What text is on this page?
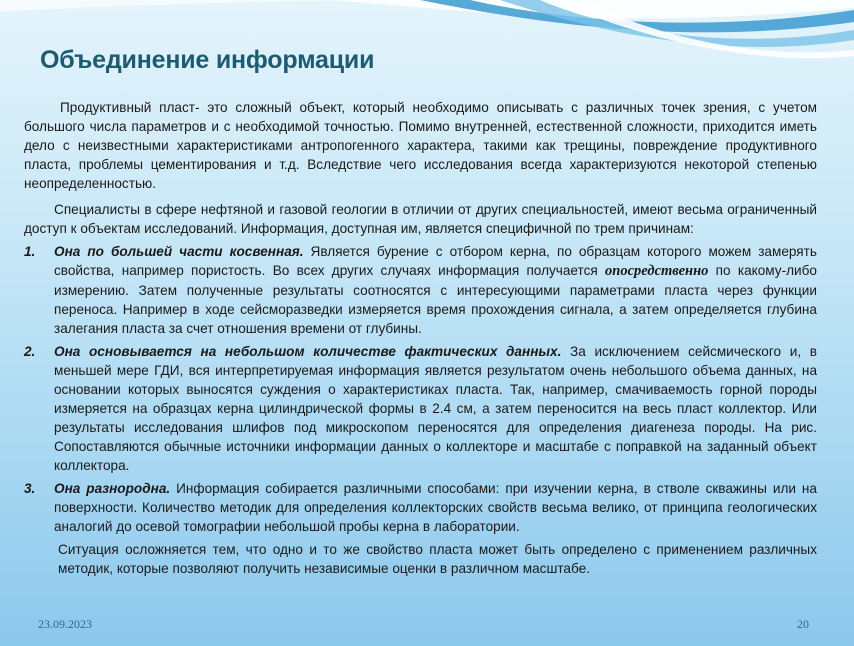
Объединение информации

Продуктивный пласт- это сложный объект, который необходимо описывать с различных точек зрения, с учетом большого числа параметров и с необходимой точностью. Помимо внутренней, естественной сложности, приходится иметь дело с неизвестными характеристиками антропогенного характера, такими как трещины, повреждение продуктивного пласта, проблемы цементирования и т.д. Вследствие чего исследования всегда характеризуются некоторой степенью неопределенностью.

Специалисты в сфере нефтяной и газовой геологии в отличии от других специальностей, имеют весьма ограниченный доступ к объектам исследований. Информация, доступная им, является специфичной по трем причинам:

1. Она по большей части косвенная. Является бурение с отбором керна, по образцам которого можем замерять свойства, например пористость. Во всех других случаях информация получается опосредственно по какому-либо измерению. Затем полученные результаты соотносятся с интересующими параметрами пласта через функции переноса. Например в ходе сейсморазведки измеряется время прохождения сигнала, а затем определяется глубина залегания пласта за счет отношения времени от глубины.
2. Она основывается на небольшом количестве фактических данных. За исключением сейсмического и, в меньшей мере ГДИ, вся интерпретируемая информация является результатом очень небольшого объема данных, на основании которых выносятся суждения о характеристиках пласта. Так, например, смачиваемость горной породы измеряется на образцах керна цилиндрической формы в 2.4 см, а затем переносится на весь пласт коллектор. Или результаты исследования шлифов под микроскопом переносятся для определения диагенеза породы. На рис. Сопоставляются обычные источники информации данных о коллекторе и масштабе с поправкой на заданный объект коллектора.
3. Она разнородна. Информация собирается различными способами: при изучении керна, в стволе скважины или на поверхности. Количество методик для определения коллекторских свойств весьма велико, от принципа геологических аналогий до осевой томографии небольшой пробы керна в лаборатории.

Ситуация осложняется тем, что одно и то же свойство пласта может быть определено с применением различных методик, которые позволяют получить независимые оценки в различном масштабе.

23.09.2023	20
